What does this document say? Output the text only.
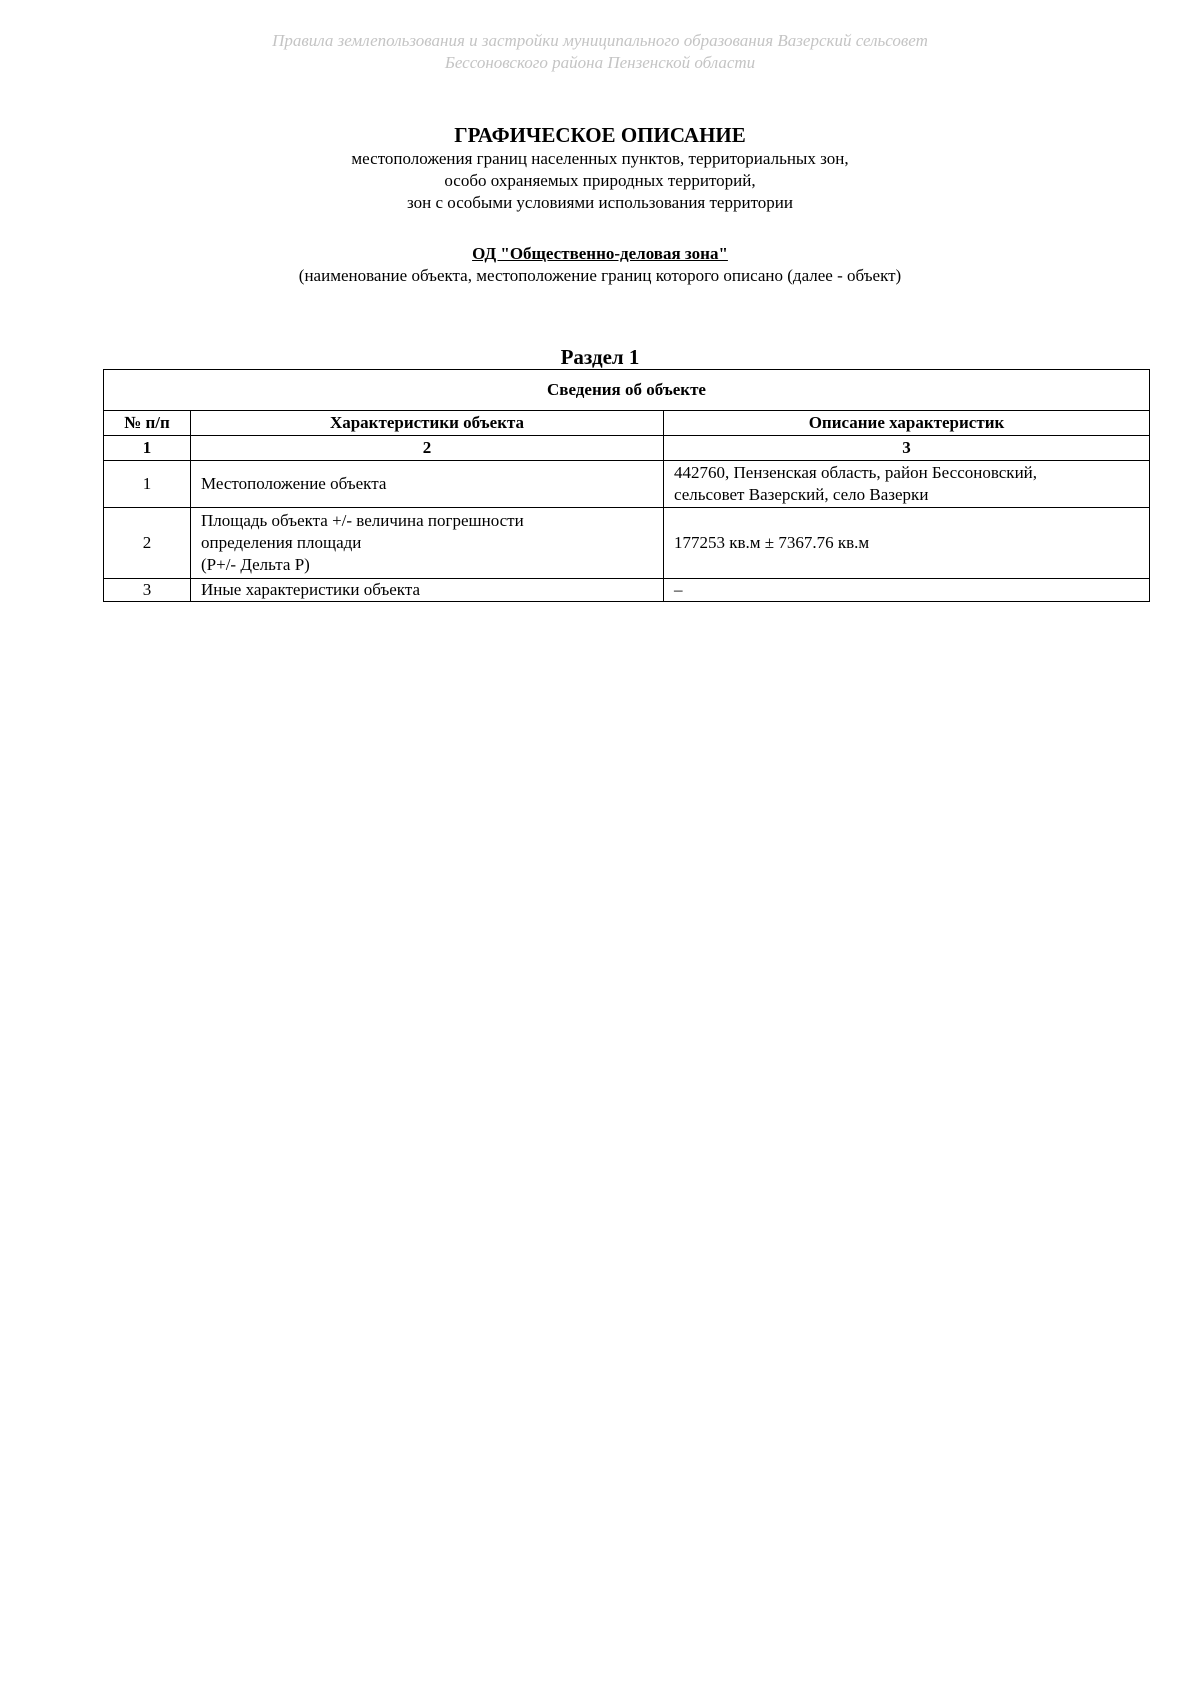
Правила землепользования и застройки муниципального образования Вазерский сельсовет
Бессоновского района Пензенской области
ГРАФИЧЕСКОЕ ОПИСАНИЕ
местоположения границ населенных пунктов, территориальных зон,
особо охраняемых природных территорий,
зон с особыми условиями использования территории
ОД "Общественно-деловая зона"
(наименование объекта, местоположение границ которого описано (далее - объект)
Раздел 1
Сведения об объекте		
№ п/п	Характеристики объекта	Описание характеристик
1	2	3
1	Местоположение объекта	442760, Пензенская область, район Бессоновский,
сельсовет Вазерский, село Вазерки

2	Площадь объекта +/- величина погрешности
определения площади
(P+/- Дельта P)	177253 кв.м ± 7367.76 кв.м

3	Иные характеристики объекта	–
